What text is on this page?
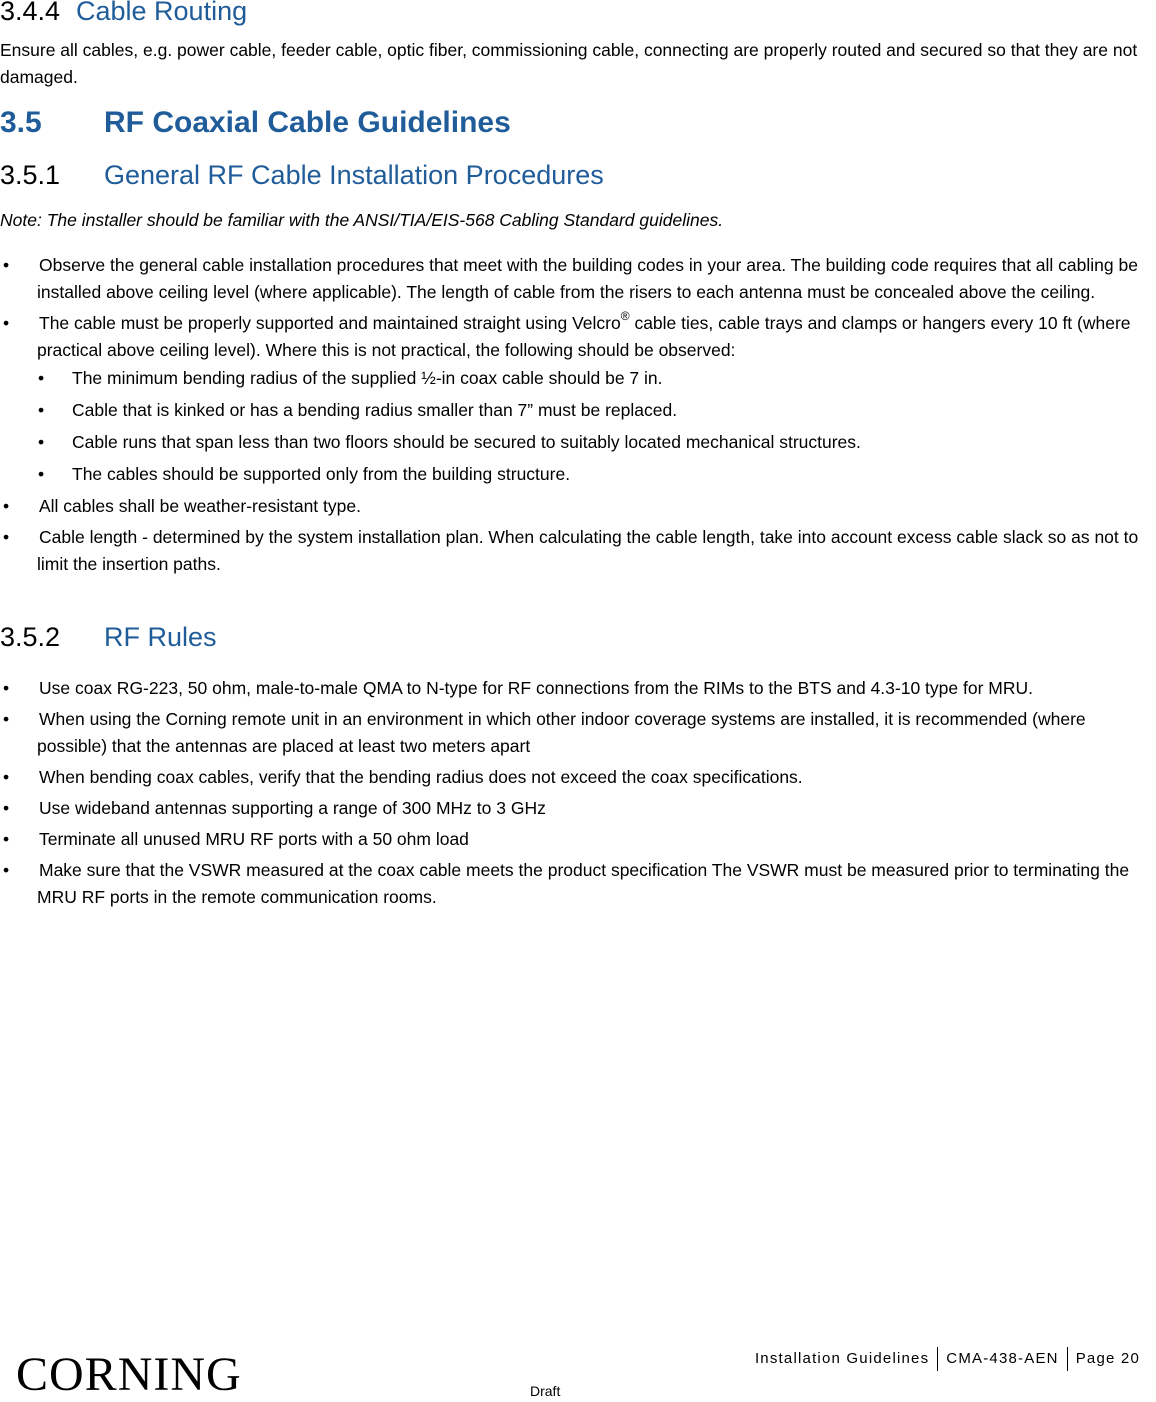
3.4.4 Cable Routing
Ensure all cables, e.g. power cable, feeder cable, optic fiber, commissioning cable, connecting are properly routed and secured so that they are not damaged.
3.5 RF Coaxial Cable Guidelines
3.5.1 General RF Cable Installation Procedures
Note: The installer should be familiar with the ANSI/TIA/EIS-568 Cabling Standard guidelines.
• Observe the general cable installation procedures that meet with the building codes in your area. The building code requires that all cabling be installed above ceiling level (where applicable). The length of cable from the risers to each antenna must be concealed above the ceiling.
• The cable must be properly supported and maintained straight using Velcro® cable ties, cable trays and clamps or hangers every 10 ft (where practical above ceiling level). Where this is not practical, the following should be observed:
• The minimum bending radius of the supplied ½-in coax cable should be 7 in.
• Cable that is kinked or has a bending radius smaller than 7” must be replaced.
• Cable runs that span less than two floors should be secured to suitably located mechanical structures.
• The cables should be supported only from the building structure.
• All cables shall be weather-resistant type.
• Cable length - determined by the system installation plan. When calculating the cable length, take into account excess cable slack so as not to limit the insertion paths.
3.5.2 RF Rules
• Use coax RG-223, 50 ohm, male-to-male QMA to N-type for RF connections from the RIMs to the BTS and 4.3-10 type for MRU.
• When using the Corning remote unit in an environment in which other indoor coverage systems are installed, it is recommended (where possible) that the antennas are placed at least two meters apart
• When bending coax cables, verify that the bending radius does not exceed the coax specifications.
• Use wideband antennas supporting a range of 300 MHz to 3 GHz
• Terminate all unused MRU RF ports with a 50 ohm load
• Make sure that the VSWR measured at the coax cable meets the product specification The VSWR must be measured prior to terminating the MRU RF ports in the remote communication rooms.
CORNING	Installation Guidelines	CMA-438-AEN	Page 20
Draft
